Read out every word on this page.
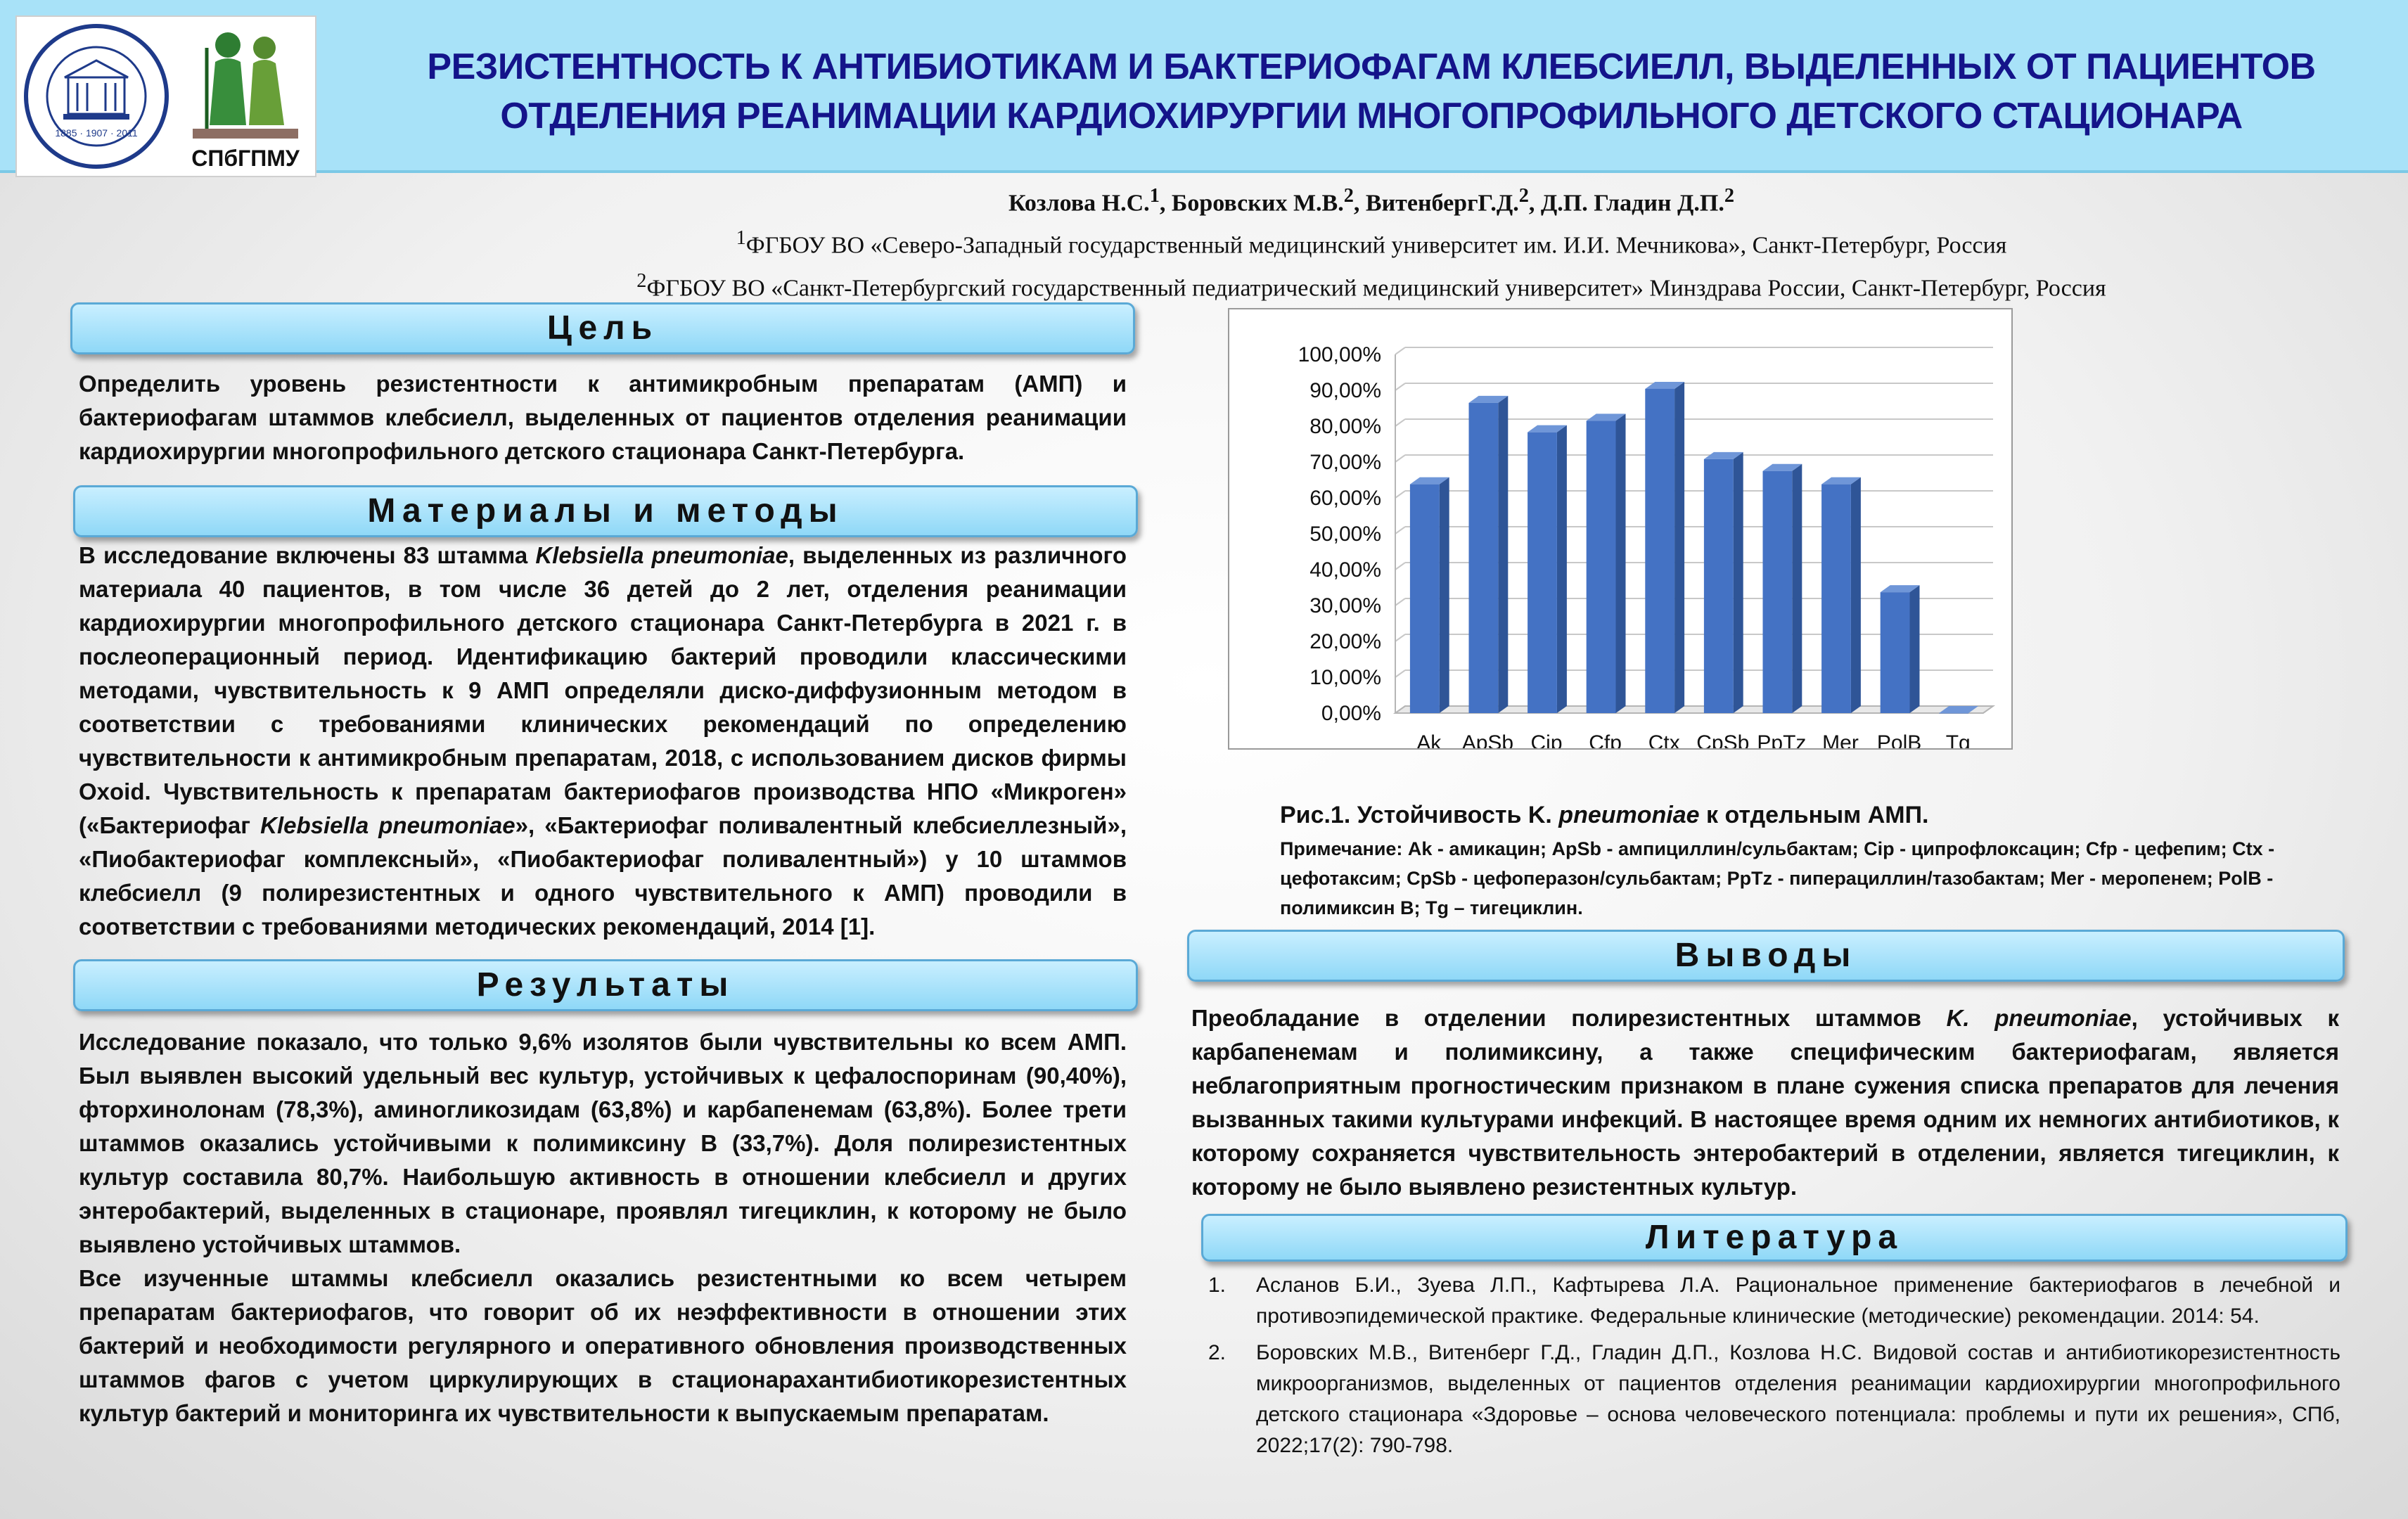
1885 · 1907 · 2011
СПбГПМУ
РЕЗИСТЕНТНОСТЬ К АНТИБИОТИКАМ И БАКТЕРИОФАГАМ КЛЕБСИЕЛЛ, ВЫДЕЛЕННЫХ ОТ ПАЦИЕНТОВ
ОТДЕЛЕНИЯ РЕАНИМАЦИИ КАРДИОХИРУРГИИ МНОГОПРОФИЛЬНОГО ДЕТСКОГО СТАЦИОНАРА
Козлова Н.С.$^1$, Боровских М.В.$^2$, ВитенбергГ.Д.$^2$, Д.П. Гладин Д.П.$^2$
$^1$ФГБОУ ВО «Северо-Западный государственный медицинский университет им. И.И. Мечникова», Санкт-Петербург, Россия
$^2$ФГБОУ ВО «Санкт-Петербургский государственный педиатрический медицинский университет» Минздрава России, Санкт-Петербург, Россия
Цель
Определить уровень резистентности к антимикробным препаратам (АМП) и бактериофагам штаммов клебсиелл, выделенных от пациентов отделения реанимации кардиохирургии многопрофильного детского стационара Санкт-Петербурга.
Материалы и методы
В исследование включены 83 штамма Klebsiella pneumoniae, выделенных из различного материала 40 пациентов, в том числе 36 детей до 2 лет, отделения реанимации кардиохирургии многопрофильного детского стационара Санкт-Петербурга в 2021 г. в послеоперационный период. Идентификацию бактерий проводили классическими методами, чувствительность к 9 АМП определяли диско-диффузионным методом в соответствии с требованиями клинических рекомендаций по определению чувствительности к антимикробным препаратам, 2018, с использованием дисков фирмы Oxoid. Чувствительность к препаратам бактериофагов производства НПО «Микроген» («Бактериофаг Klebsiella pneumoniae», «Бактериофаг поливалентный клебсиеллезный», «Пиобактериофаг комплексный», «Пиобактериофаг поливалентный») у 10 штаммов клебсиелл (9 полирезистентных и одного чувствительного к АМП) проводили в соответствии с требованиями методических рекомендаций, 2014 [1].
Результаты
Исследование показало, что только 9,6% изолятов были чувствительны ко всем АМП. Был выявлен высокий удельный вес культур, устойчивых к цефалоспоринам (90,40%), фторхинолонам (78,3%), аминогликозидам (63,8%) и карбапенемам (63,8%). Более трети штаммов оказались устойчивыми к полимиксину В (33,7%). Доля полирезистентных культур составила 80,7%. Наибольшую активность в отношении клебсиелл и других энтеробактерий, выделенных в стационаре, проявлял тигециклин, к которому не было выявлено устойчивых штаммов.
Все изученные штаммы клебсиелл оказались резистентными ко всем четырем препаратам бактериофагов, что говорит об их неэффективности в отношении этих бактерий и необходимости регулярного и оперативного обновления производственных штаммов фагов с учетом циркулирующих в стационарахантибиотикорезистентных культур бактерий и мониторинга их чувствительности к выпускаемым препаратам.
0,00%
10,00%
20,00%
30,00%
40,00%
50,00%
60,00%
70,00%
80,00%
90,00%
100,00%
Ak ApSb Cip Cfp Ctx CpSb PpTz Mer PolB Tg
Рис.1. Устойчивость K. pneumoniae к отдельным АМП.
Примечание: Ak - амикацин; ApSb - ампициллин/сульбактам; Cip - ципрофлоксацин; Cfp - цефепим; Ctx - цефотаксим; CpSb - цефоперазон/сульбактам; PpTz - пиперациллин/тазобактам; Mer - меропенем; PolB - полимиксин В; Tg – тигециклин.
Выводы
Преобладание в отделении полирезистентных штаммов K. pneumoniae, устойчивых к карбапенемам и полимиксину, а также специфическим бактериофагам, является неблагоприятным прогностическим признаком в плане сужения списка препаратов для лечения вызванных такими культурами инфекций. В настоящее время одним их немногих антибиотиков, к которому сохраняется чувствительность энтеробактерий в отделении, является тигециклин, к которому не было выявлено резистентных культур.
Литература
1. Асланов Б.И., Зуева Л.П., Кафтырева Л.А. Рациональное применение бактериофагов в лечебной и противоэпидемической практике. Федеральные клинические (методические) рекомендации. 2014: 54.
2. Боровских М.В., Витенберг Г.Д., Гладин Д.П., Козлова Н.С. Видовой состав и антибиотикорезистентность микроорганизмов, выделенных от пациентов отделения реанимации кардиохирургии многопрофильного детского стационара «Здоровье – основа человеческого потенциала: проблемы и пути их решения», СПб, 2022;17(2): 790-798.
